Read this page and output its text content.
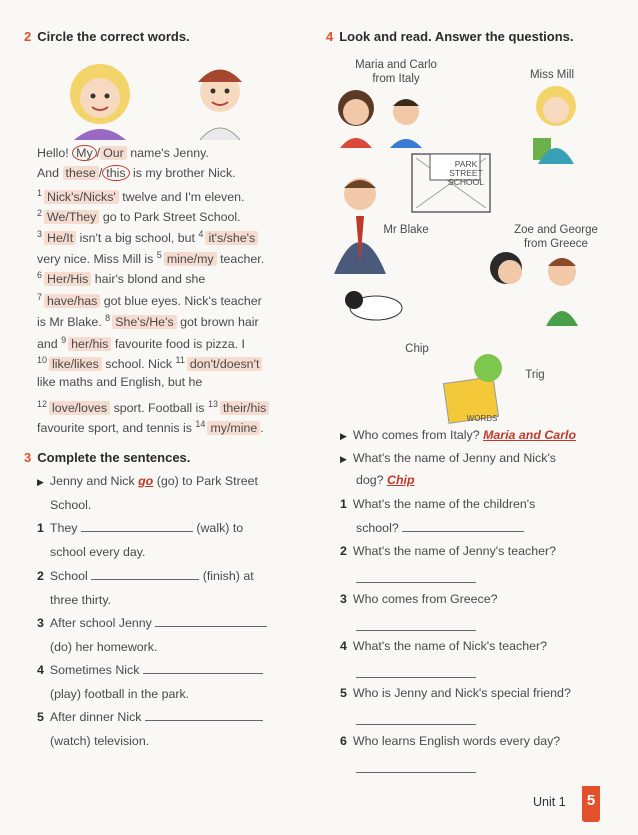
2 Circle the correct words.
Hello! My / Our name's Jenny.
And these / this is my brother Nick.
$^1$ Nick's/Nicks' twelve and I'm eleven.
$^2$ We/They go to Park Street School.
$^3$ He/It isn't a big school, but $^4$ it's/she's
very nice. Miss Mill is $^5$ mine/my teacher.
$^6$ Her/His hair's blond and she
$^7$ have/has got blue eyes. Nick's teacher
is Mr Blake. $^8$ She's/He's got brown hair
and $^9$ her/his favourite food is pizza. I
$^{10}$ like/likes school. Nick $^{11}$ don't/doesn't
like maths and English, but he
$^{12}$ love/loves sport. Football is $^{13}$ their/his
favourite sport, and tennis is $^{14}$ my/mine .
3 Complete the sentences.
▶ Jenny and Nick go (go) to Park Street
School.
1 They	(walk) to
school every day.
2 School	(finish) at
three thirty.
3 After school Jenny
(do) her homework.
4 Sometimes Nick
(play) football in the park.
5 After dinner Nick
(watch) television.
4 Look and read. Answer the questions.
Maria and Carlo
from Italy	Miss Mill
PARK STREET
SCHOOL
Mr Blake	Zoe and George
from Greece
Chip
Trig
WORDS
▶ Who comes from Italy? Maria and Carlo
▶ What's the name of Jenny and Nick's
dog? Chip
1 What's the name of the children's
school?
2 What's the name of Jenny's teacher?
3 Who comes from Greece?
4 What's the name of Nick's teacher?
5 Who is Jenny and Nick's special friend?
6 Who learns English words every day?
Unit 1	5
